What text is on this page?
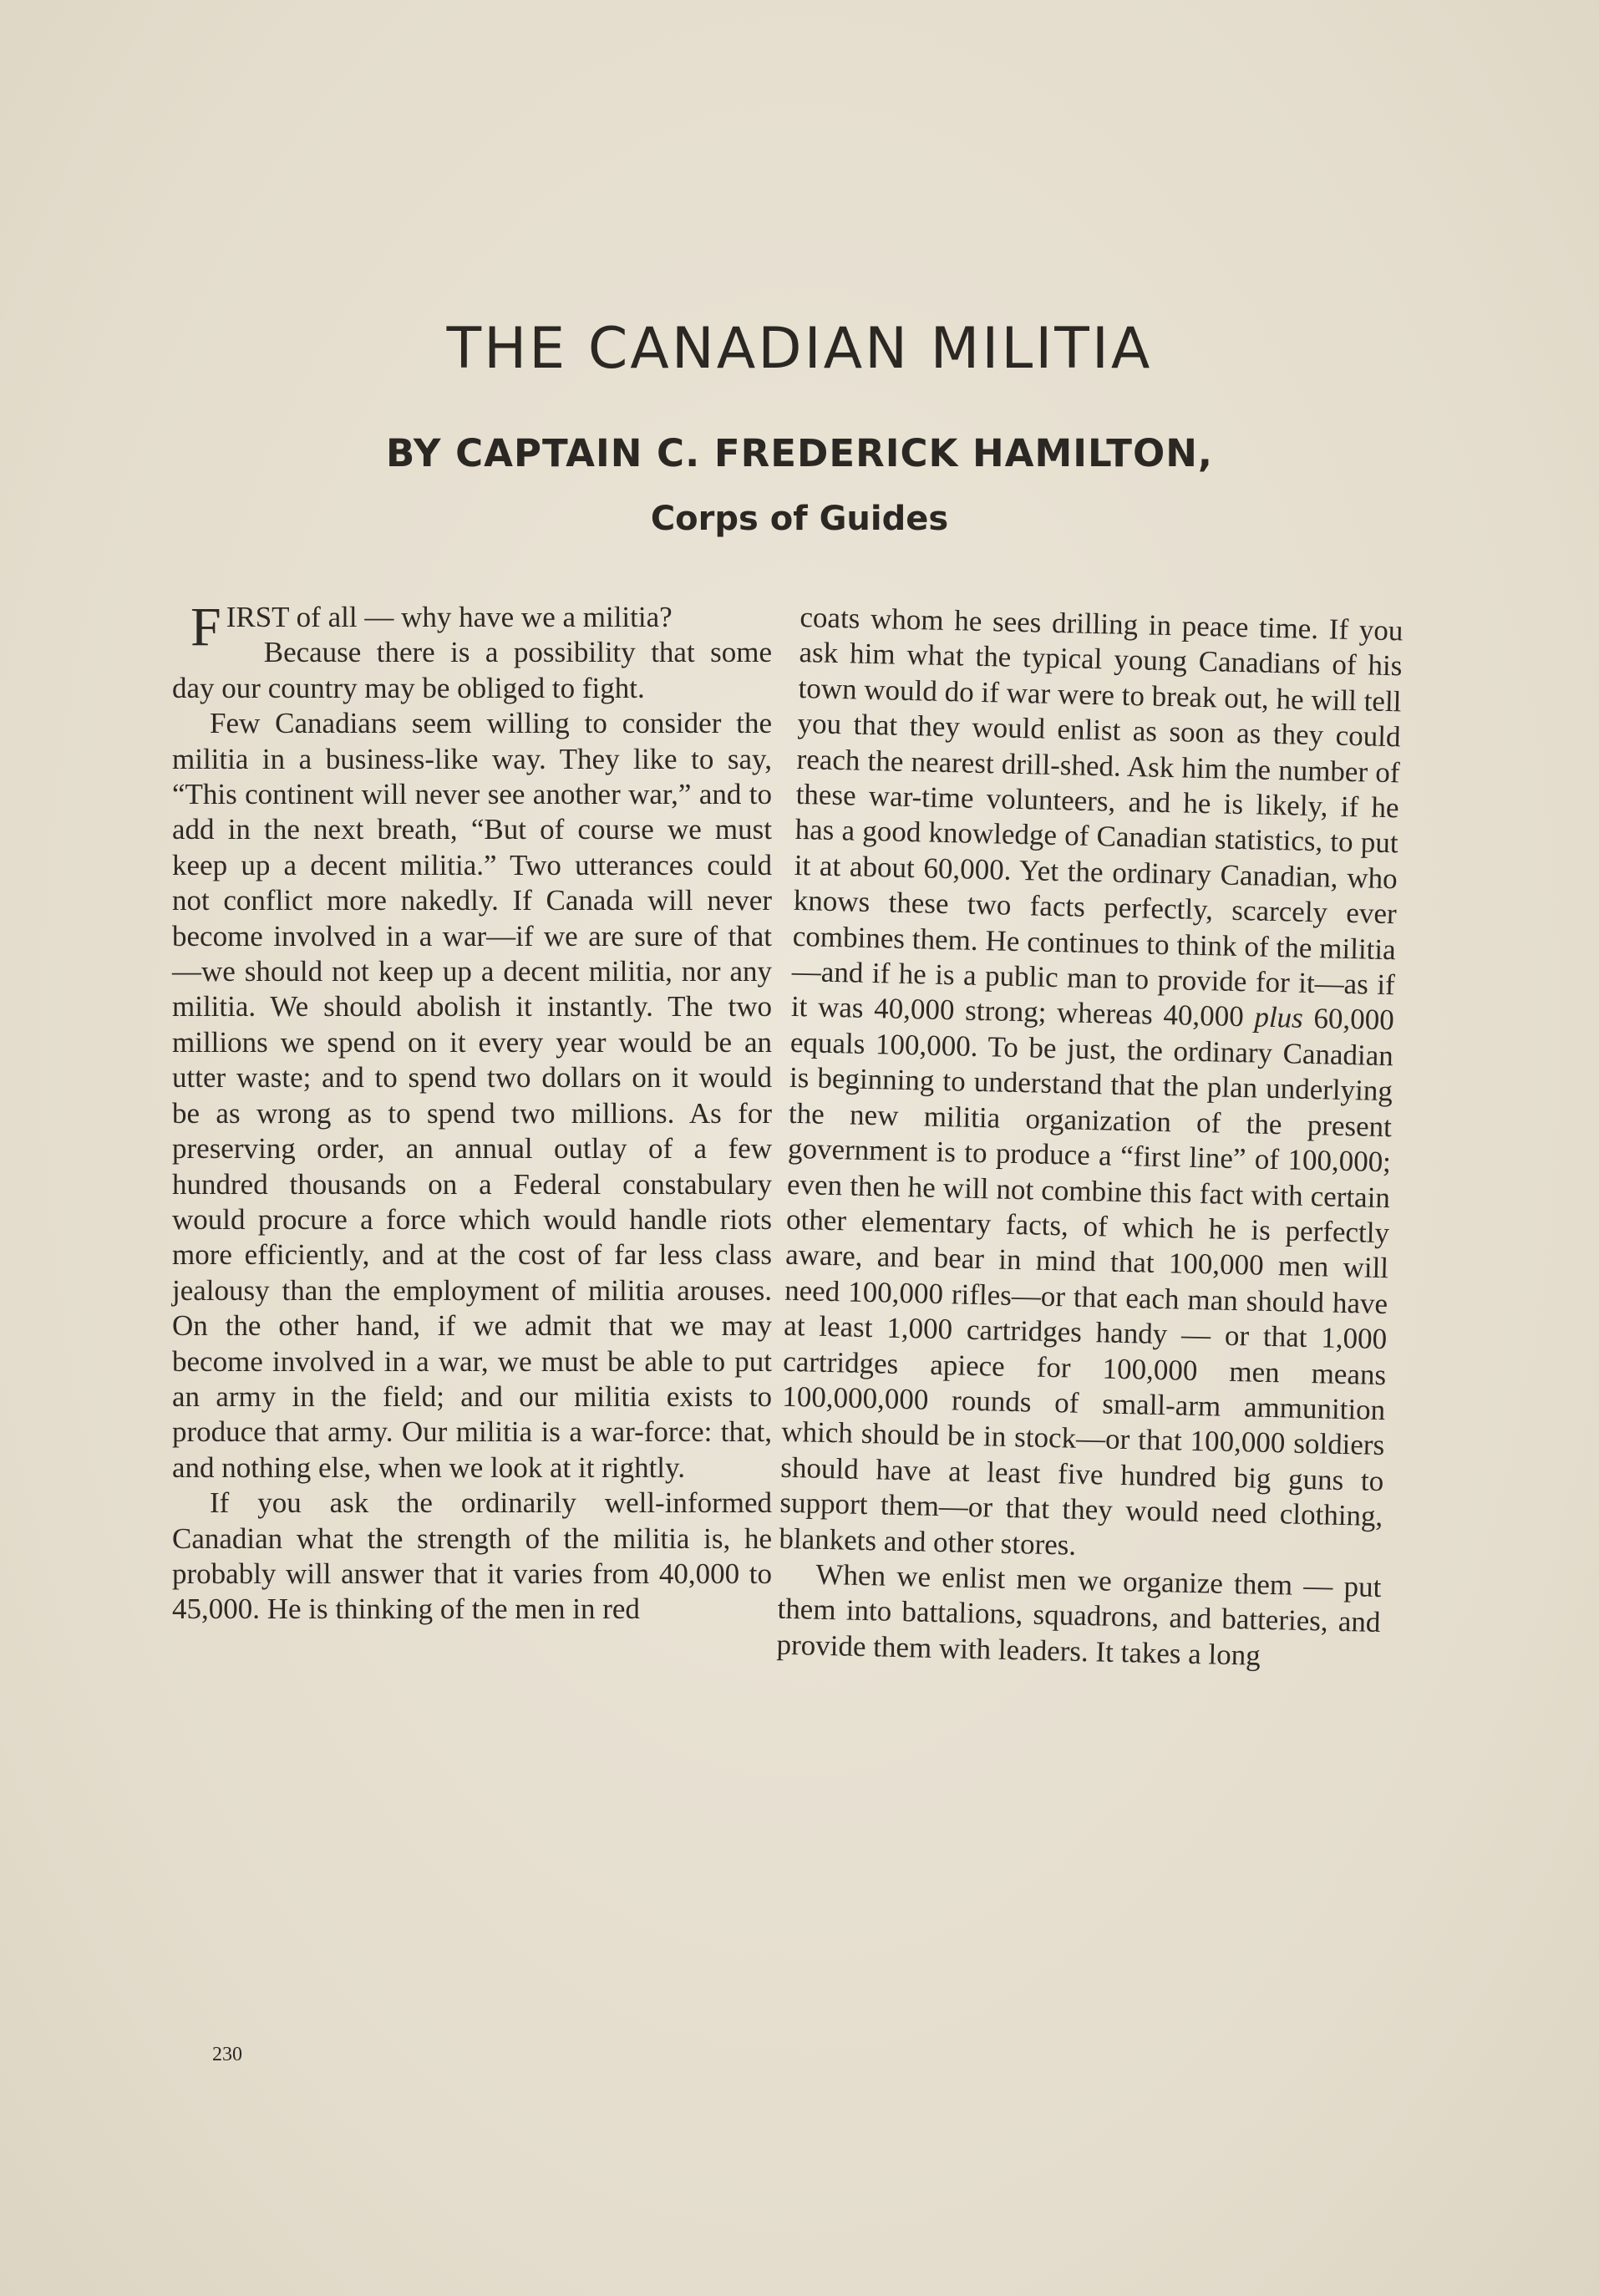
THE CANADIAN MILITIA
BY CAPTAIN C. FREDERICK HAMILTON,
Corps of Guides

FIRST of all — why have we a militia?

Because there is a possibility that some day our country may be obliged to fight.

Few Canadians seem willing to consider the militia in a business-like way. They like to say, “This continent will never see another war,” and to add in the next breath, “But of course we must keep up a decent militia.” Two utterances could not conflict more nakedly. If Canada will never become involved in a war—if we are sure of that—we should not keep up a decent militia, nor any militia. We should abolish it instantly. The two millions we spend on it every year would be an utter waste; and to spend two dollars on it would be as wrong as to spend two millions. As for preserving order, an annual outlay of a few hundred thousands on a Federal constabulary would procure a force which would handle riots more efficiently, and at the cost of far less class jealousy than the employment of militia arouses. On the other hand, if we admit that we may become involved in a war, we must be able to put an army in the field; and our militia exists to produce that army. Our militia is a war-force: that, and nothing else, when we look at it rightly.

If you ask the ordinarily well-informed Canadian what the strength of the militia is, he probably will answer that it varies from 40,000 to 45,000. He is thinking of the men in red

coats whom he sees drilling in peace time. If you ask him what the typical young Canadians of his town would do if war were to break out, he will tell you that they would enlist as soon as they could reach the nearest drill-shed. Ask him the number of these war-time volunteers, and he is likely, if he has a good knowledge of Canadian statistics, to put it at about 60,000. Yet the ordinary Canadian, who knows these two facts perfectly, scarcely ever combines them. He continues to think of the militia—and if he is a public man to provide for it—as if it was 40,000 strong; whereas 40,000 plus 60,000 equals 100,000. To be just, the ordinary Canadian is beginning to understand that the plan underlying the new militia organization of the present government is to produce a “first line” of 100,000; even then he will not combine this fact with certain other elementary facts, of which he is perfectly aware, and bear in mind that 100,000 men will need 100,000 rifles—or that each man should have at least 1,000 cartridges handy — or that 1,000 cartridges apiece for 100,000 men means 100,000,000 rounds of small-arm ammunition which should be in stock—or that 100,000 soldiers should have at least five hundred big guns to support them—or that they would need clothing, blankets and other stores.

When we enlist men we organize them — put them into battalions, squadrons, and batteries, and provide them with leaders. It takes a long

230
